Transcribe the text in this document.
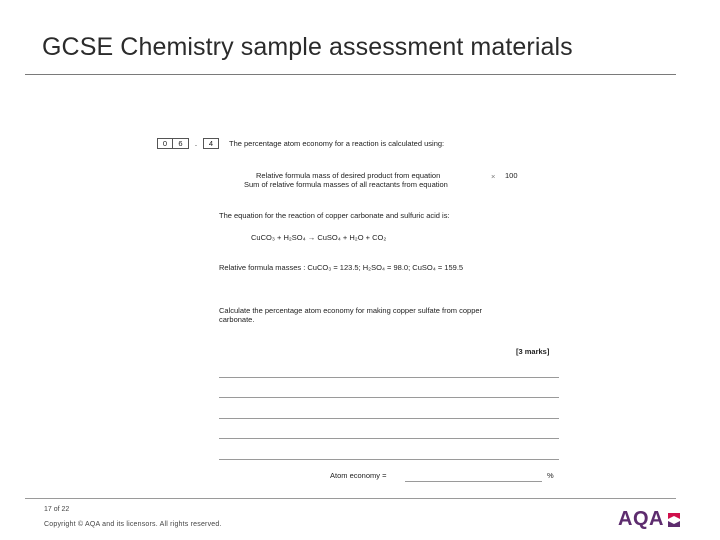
GCSE Chemistry sample assessment materials
0	6	.	4	The percentage atom economy for a reaction is calculated using:
Relative formula mass of desired product from equation
Sum of relative formula masses of all reactants from equation
× 100
The equation for the reaction of copper carbonate and sulfuric acid is:
CuCO₃ + H₂SO₄ → CuSO₄ + H₂O + CO₂
Relative formula masses : CuCO₃ = 123.5; H₂SO₄ = 98.0; CuSO₄ = 159.5
Calculate the percentage atom economy for making copper sulfate from copper
carbonate.
[3 marks]
Atom economy =	%
17 of 22
Copyright © AQA and its licensors. All rights reserved.	AQA
